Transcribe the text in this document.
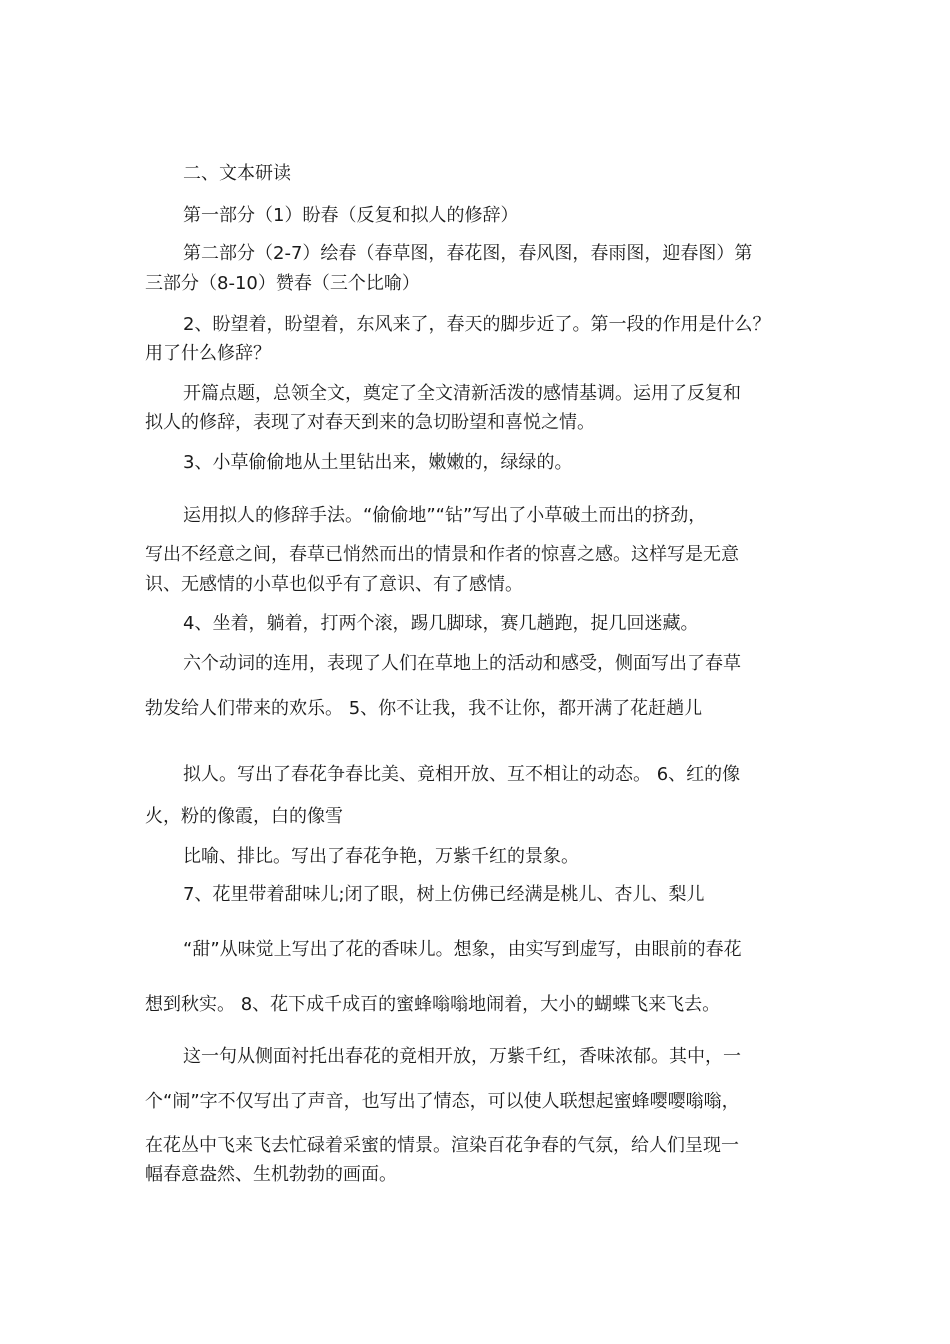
二、文本研读
第一部分（1）盼春（反复和拟人的修辞）
第二部分（2-7）绘春（春草图，春花图，春风图，春雨图，迎春图）第
三部分（8-10）赞春（三个比喻）
2、盼望着，盼望着，东风来了，春天的脚步近了。第一段的作用是什么？
用了什么修辞？
开篇点题，总领全文，奠定了全文清新活泼的感情基调。运用了反复和
拟人的修辞，表现了对春天到来的急切盼望和喜悦之情。
3、小草偷偷地从土里钻出来，嫩嫩的，绿绿的。
运用拟人的修辞手法。“偷偷地”“钻”写出了小草破土而出的挤劲，
写出不经意之间，春草已悄然而出的情景和作者的惊喜之感。这样写是无意
识、无感情的小草也似乎有了意识、有了感情。
4、坐着，躺着，打两个滚，踢几脚球，赛几趟跑，捉几回迷藏。
六个动词的连用，表现了人们在草地上的活动和感受，侧面写出了春草
勃发给人们带来的欢乐。 5、你不让我，我不让你，都开满了花赶趟儿
拟人。写出了春花争春比美、竟相开放、互不相让的动态。 6、红的像
火，粉的像霞，白的像雪
比喻、排比。写出了春花争艳，万紫千红的景象。
7、花里带着甜味儿;闭了眼，树上仿佛已经满是桃儿、杏儿、梨儿
“甜”从味觉上写出了花的香味儿。想象，由实写到虚写，由眼前的春花
想到秋实。 8、花下成千成百的蜜蜂嗡嗡地闹着，大小的蝴蝶飞来飞去。
这一句从侧面衬托出春花的竟相开放，万紫千红，香味浓郁。其中，一
个“闹”字不仅写出了声音，也写出了情态，可以使人联想起蜜蜂嘤嘤嗡嗡，
在花丛中飞来飞去忙碌着采蜜的情景。渲染百花争春的气氛，给人们呈现一
幅春意盎然、生机勃勃的画面。
